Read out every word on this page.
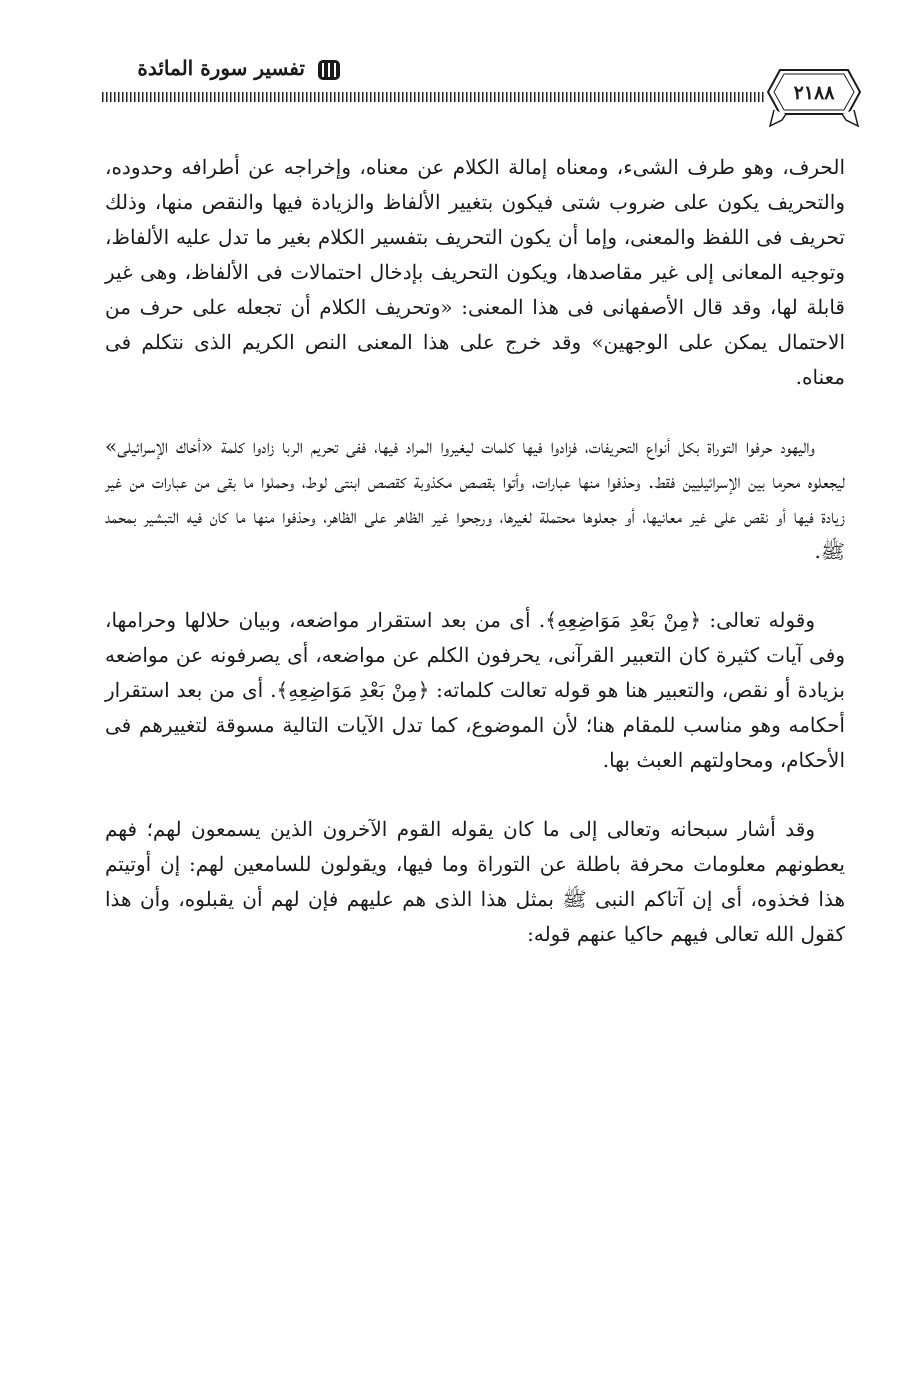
تفسير سورة المائدة
٢١٨٨

الحرف، وهو طرف الشىء، ومعناه إمالة الكلام عن معناه، وإخراجه عن أطرافه وحدوده، والتحريف يكون على ضروب شتى فيكون بتغيير الألفاظ والزيادة فيها والنقص منها، وذلك تحريف فى اللفظ والمعنى، وإما أن يكون التحريف بتفسير الكلام بغير ما تدل عليه الألفاظ، وتوجيه المعانى إلى غير مقاصدها، ويكون التحريف بإدخال احتمالات فى الألفاظ، وهى غير قابلة لها، وقد قال الأصفهانى فى هذا المعنى: «وتحريف الكلام أن تجعله على حرف من الاحتمال يمكن على الوجهين» وقد خرج على هذا المعنى النص الكريم الذى نتكلم فى معناه.

واليهود حرفوا التوراة بكل أنواع التحريفات، فزادوا فيها كلمات ليغيروا المراد فيها، ففى تحريم الربا زادوا كلمة «أخاك الإسرائيلى» ليجعلوه محرما بين الإسرائيليين فقط. وحذفوا منها عبارات، وأتوا بقصص مكذوبة كقصص ابنتى لوط، وحملوا ما بقى من عبارات من غير زيادة فيها أو نقص على غير معانيها، أو جعلوها محتملة لغيرها، ورجحوا غير الظاهر على الظاهر، وحذفوا منها ما كان فيه التبشير بمحمد ﷺ.

وقوله تعالى: ﴿مِنْ بَعْدِ مَوَاضِعِهِ﴾. أى من بعد استقرار مواضعه، وبيان حلالها وحرامها، وفى آيات كثيرة كان التعبير القرآنى، يحرفون الكلم عن مواضعه، أى يصرفونه عن مواضعه بزيادة أو نقص، والتعبير هنا هو قوله تعالت كلماته: ﴿مِنْ بَعْدِ مَوَاضِعِهِ﴾. أى من بعد استقرار أحكامه وهو مناسب للمقام هنا؛ لأن الموضوع، كما تدل الآيات التالية مسوقة لتغييرهم فى الأحكام، ومحاولتهم العبث بها.

وقد أشار سبحانه وتعالى إلى ما كان يقوله القوم الآخرون الذين يسمعون لهم؛ فهم يعطونهم معلومات محرفة باطلة عن التوراة وما فيها، ويقولون للسامعين لهم: إن أوتيتم هذا فخذوه، أى إن آتاكم النبى ﷺ بمثل هذا الذى هم عليهم فإن لهم أن يقبلوه، وأن هذا كقول الله تعالى فيهم حاكيا عنهم قوله:
